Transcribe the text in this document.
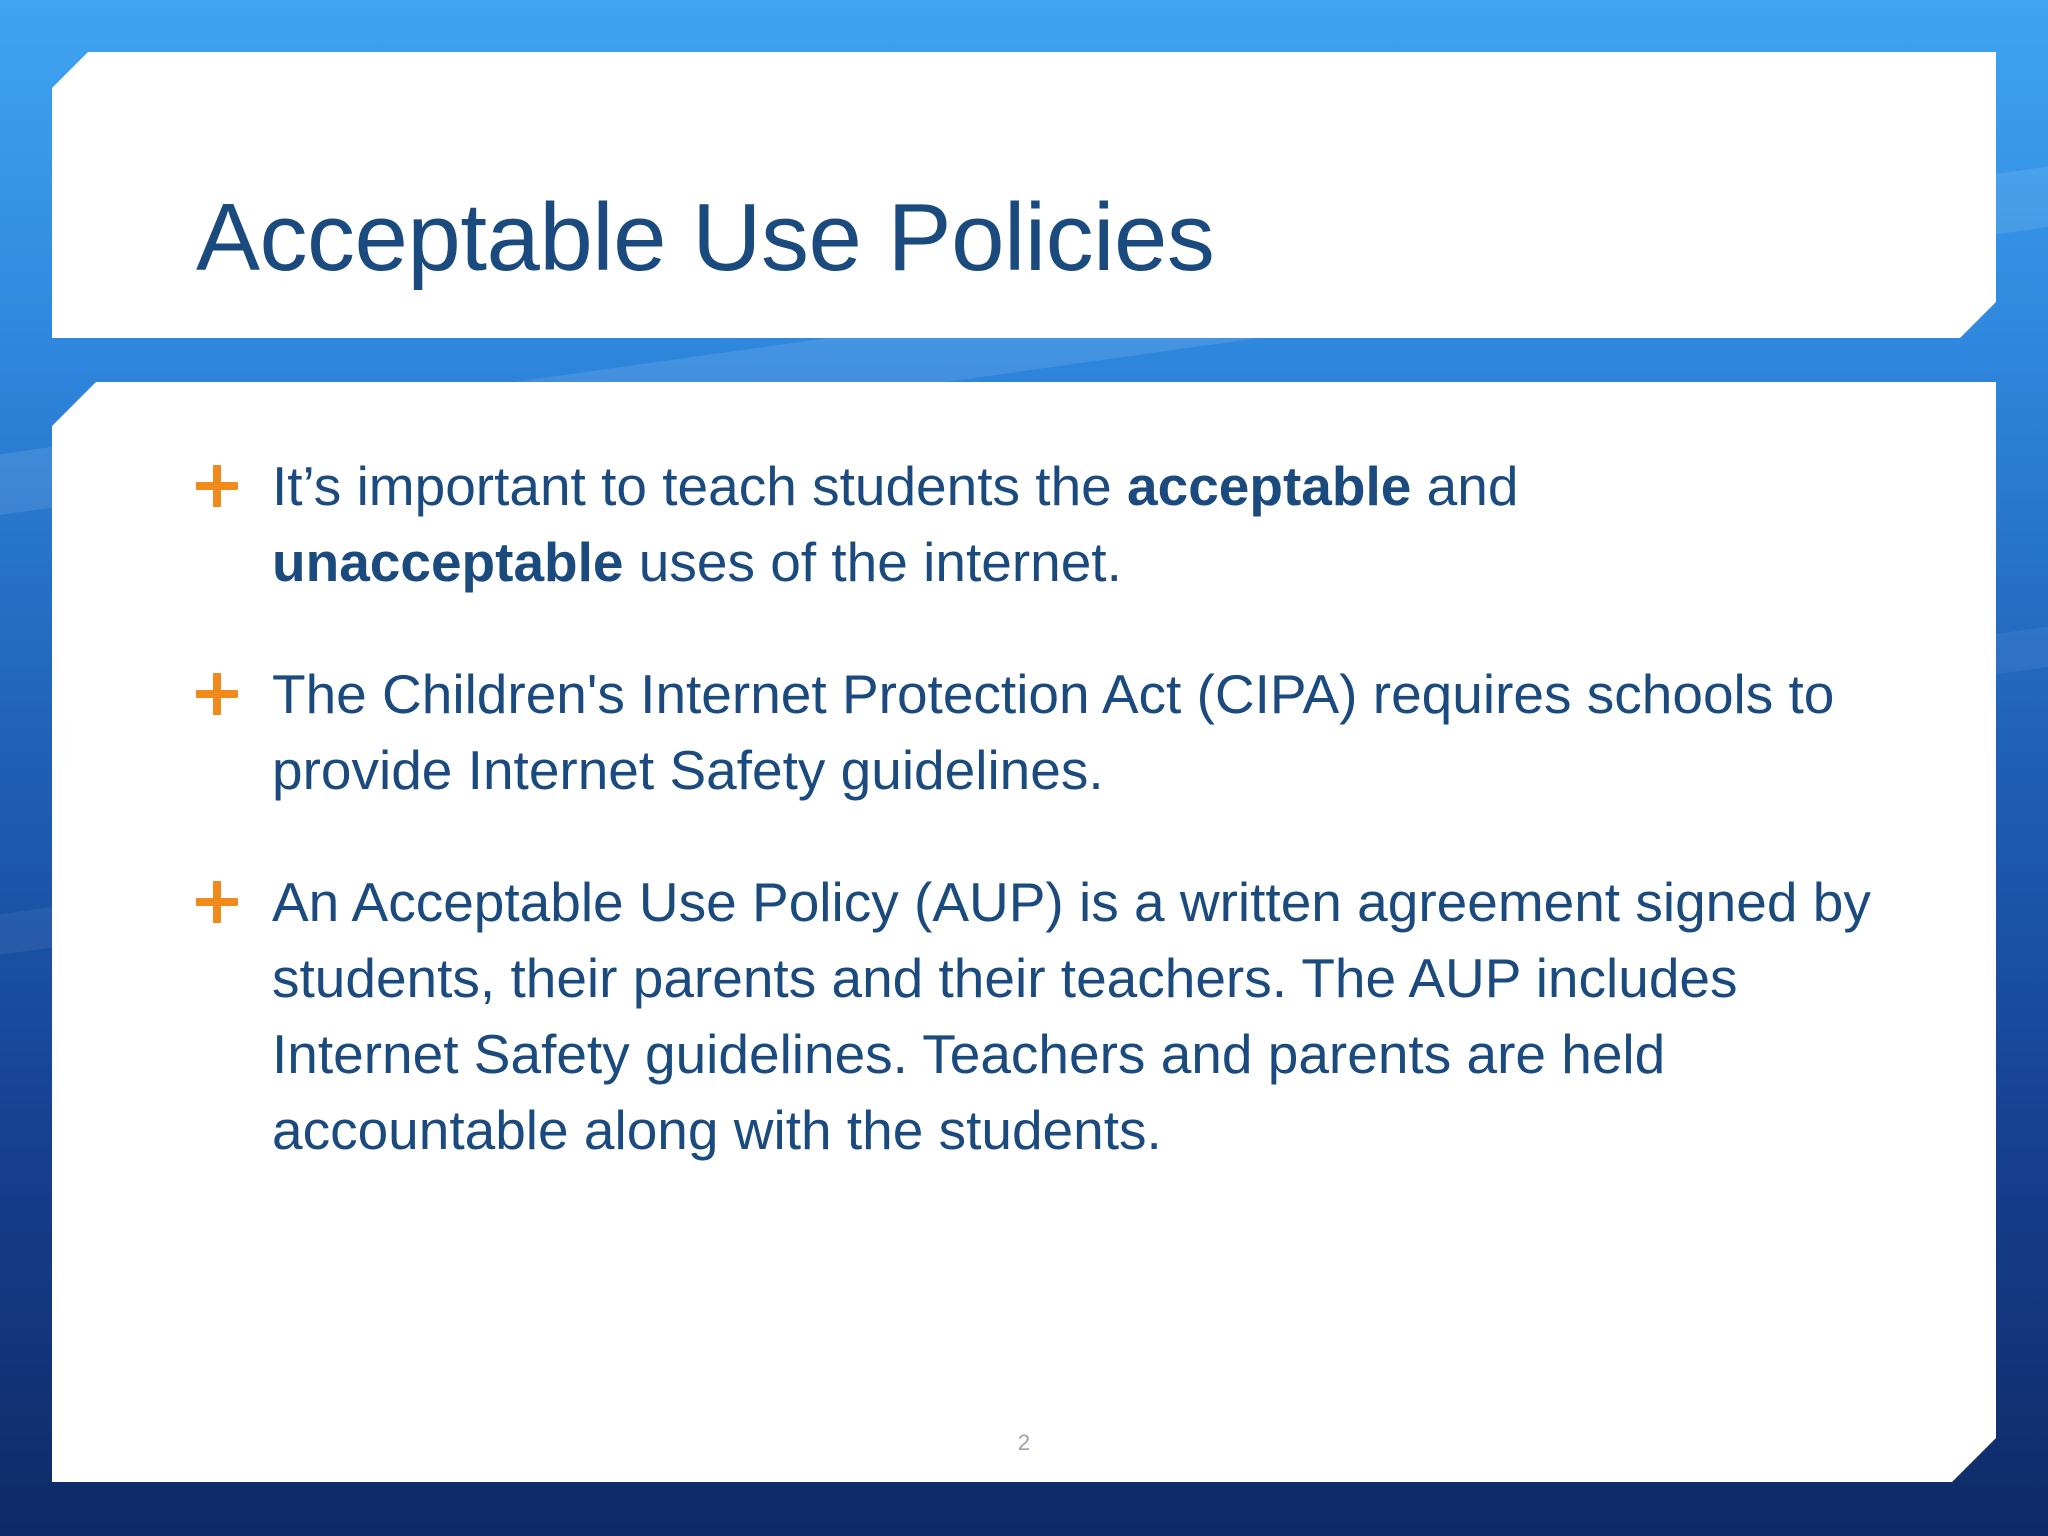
Acceptable Use Policies
It’s important to teach students the acceptable and unacceptable uses of the internet.
The Children's Internet Protection Act (CIPA) requires schools to provide Internet Safety guidelines.
An Acceptable Use Policy (AUP) is a written agreement signed by students, their parents and their teachers. The AUP includes Internet Safety guidelines. Teachers and parents are held accountable along with the students.
2
